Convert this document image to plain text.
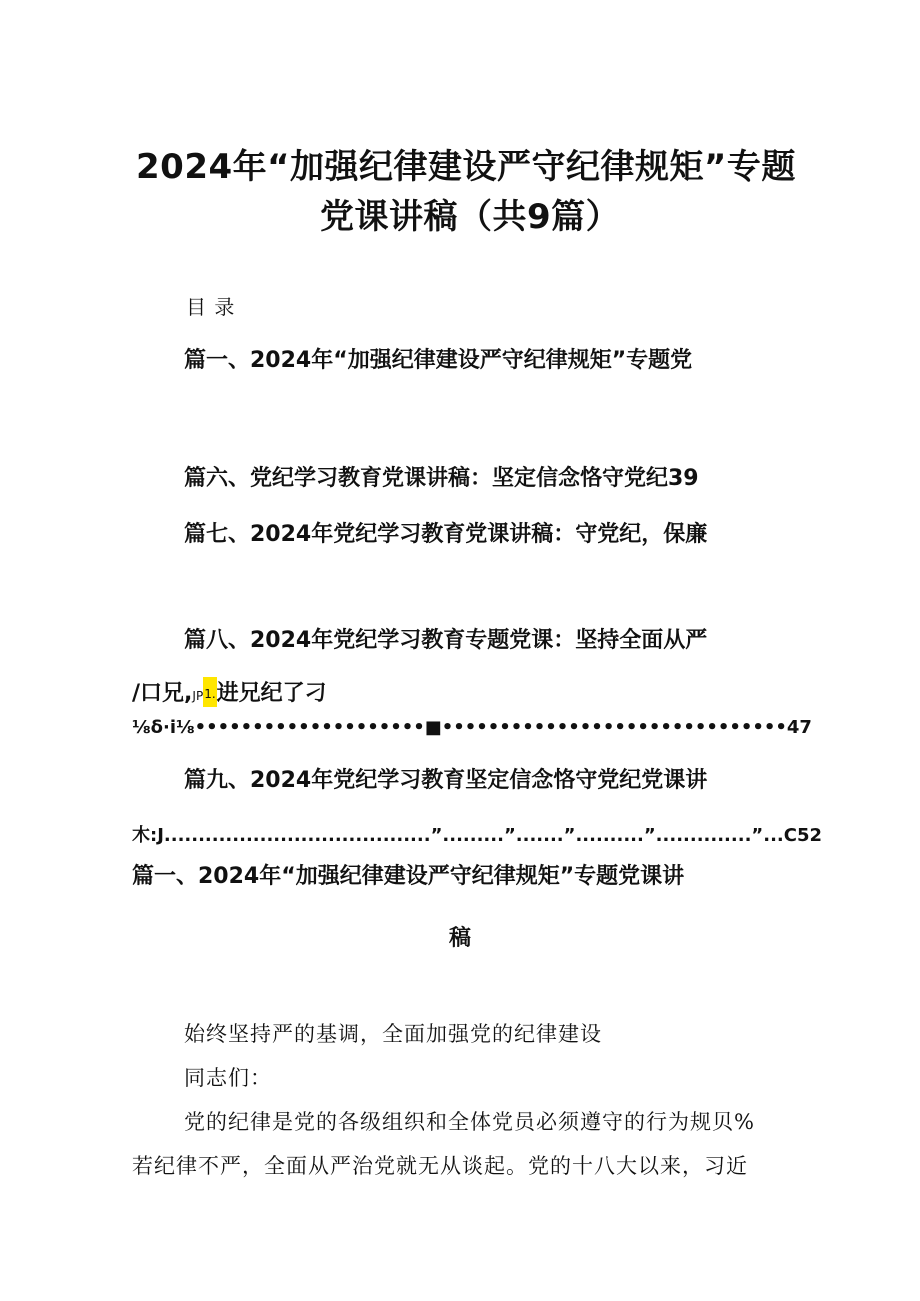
2024年“加强纪律建设严守纪律规矩”专题
党课讲稿（共9篇）
目 录
篇一、2024年“加强纪律建设严守纪律规矩”专题党
篇六、党纪学习教育党课讲稿：坚定信念恪守党纪39
篇七、2024年党纪学习教育党课讲稿：守党纪，保廉
篇八、2024年党纪学习教育专题党课：坚持全面从严
/口兄,JP1.进兄纪了刁
⅛δ·i⅛••••••••••••••••••••■••••••••••••••••••••••••••••••47
篇九、2024年党纪学习教育坚定信念恪守党纪党课讲
木:J.......................................”.........”.......”..........”..............”...C52
篇一、2024年“加强纪律建设严守纪律规矩”专题党课讲
稿
始终坚持严的基调，全面加强党的纪律建设
同志们：
党的纪律是党的各级组织和全体党员必须遵守的行为规贝%
若纪律不严，全面从严治党就无从谈起。党的十八大以来，习近
